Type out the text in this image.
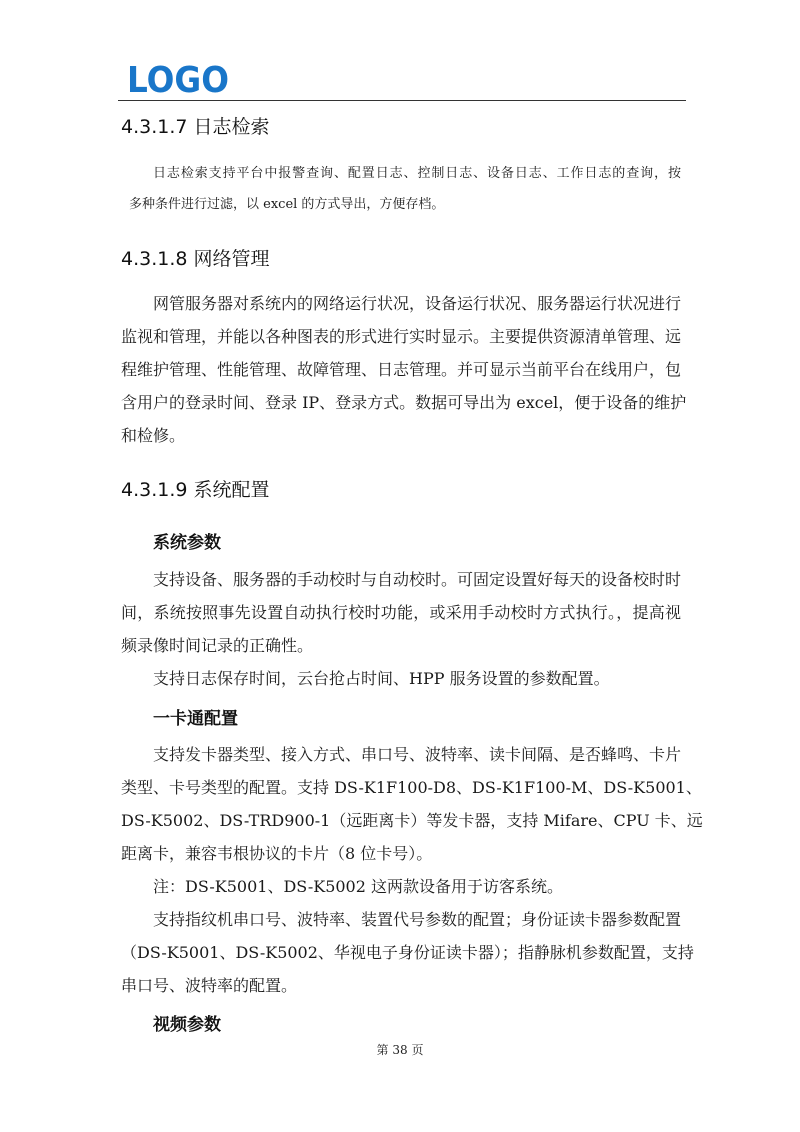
LOGO
4.3.1.7 日志检索
日志检索支持平台中报警查询、配置日志、控制日志、设备日志、工作日志的查询，按
多种条件进行过滤，以 excel 的方式导出，方便存档。
4.3.1.8 网络管理
网管服务器对系统内的网络运行状况，设备运行状况、服务器运行状况进行
监视和管理，并能以各种图表的形式进行实时显示。主要提供资源清单管理、远
程维护管理、性能管理、故障管理、日志管理。并可显示当前平台在线用户，包
含用户的登录时间、登录 IP、登录方式。数据可导出为 excel，便于设备的维护
和检修。
4.3.1.9 系统配置
系统参数
支持设备、服务器的手动校时与自动校时。可固定设置好每天的设备校时时
间，系统按照事先设置自动执行校时功能，或采用手动校时方式执行。，提高视
频录像时间记录的正确性。
支持日志保存时间，云台抢占时间、HPP 服务设置的参数配置。
一卡通配置
支持发卡器类型、接入方式、串口号、波特率、读卡间隔、是否蜂鸣、卡片
类型、卡号类型的配置。支持 DS-K1F100-D8、DS-K1F100-M、DS-K5001、
DS-K5002、DS-TRD900-1（远距离卡）等发卡器，支持 Mifare、CPU 卡、远
距离卡，兼容韦根协议的卡片（8 位卡号）。
注：DS-K5001、DS-K5002 这两款设备用于访客系统。
支持指纹机串口号、波特率、装置代号参数的配置；身份证读卡器参数配置
（DS-K5001、DS-K5002、华视电子身份证读卡器）；指静脉机参数配置，支持
串口号、波特率的配置。
视频参数
第 38 页
